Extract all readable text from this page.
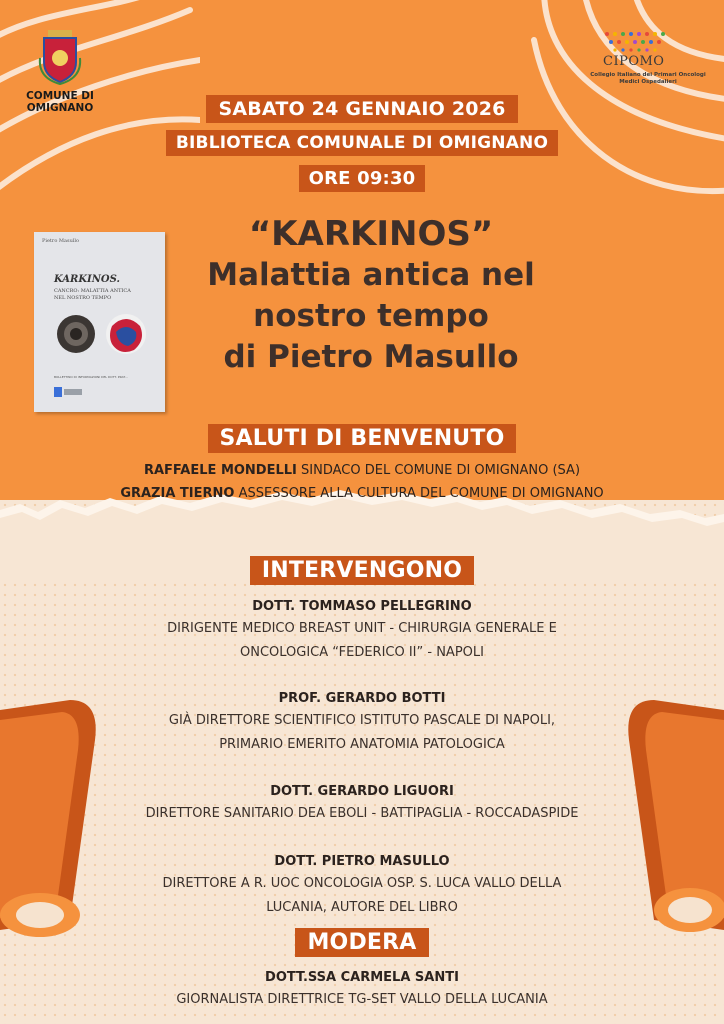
COMUNE DI
OMIGNANO
CIPOMO
Collegio Italiano dei Primari Oncologi Medici Ospedalieri
SABATO 24 GENNAIO 2026
BIBLIOTECA COMUNALE DI OMIGNANO
ORE 09:30
Pietro Masullo
KARKINOS.
CANCRO: MALATTIA ANTICA
NEL NOSTRO TEMPO
BOLLETTINO DI INFORMAZIONI DEL DOTT. PRAT...
“KARKINOS”
Malattia antica nel
nostro tempo
di Pietro Masullo
SALUTI DI BENVENUTO
RAFFAELE MONDELLI SINDACO DEL COMUNE DI OMIGNANO (SA)
GRAZIA TIERNO ASSESSORE ALLA CULTURA DEL COMUNE DI OMIGNANO
INTERVENGONO
DOTT. TOMMASO PELLEGRINO
DIRIGENTE MEDICO BREAST UNIT - CHIRURGIA GENERALE E
ONCOLOGICA “FEDERICO II” - NAPOLI
PROF. GERARDO BOTTI
GIÀ DIRETTORE SCIENTIFICO ISTITUTO PASCALE DI NAPOLI,
PRIMARIO EMERITO ANATOMIA PATOLOGICA
DOTT. GERARDO LIGUORI
DIRETTORE SANITARIO DEA EBOLI - BATTIPAGLIA - ROCCADASPIDE
DOTT. PIETRO MASULLO
DIRETTORE A R. UOC ONCOLOGIA OSP. S. LUCA VALLO DELLA
LUCANIA, AUTORE DEL LIBRO
MODERA
DOTT.SSA CARMELA SANTI
GIORNALISTA DIRETTRICE TG-SET VALLO DELLA LUCANIA
